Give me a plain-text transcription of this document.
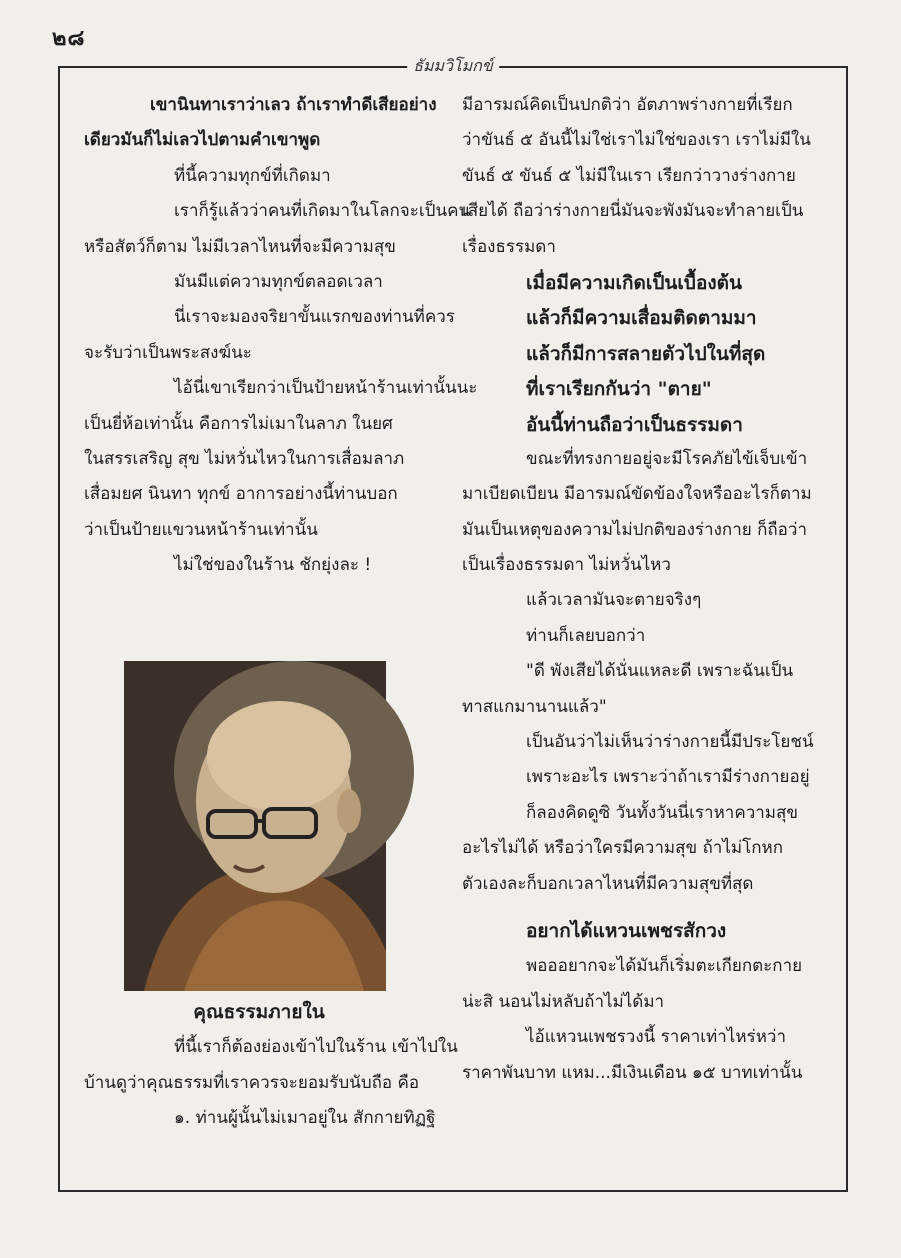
๒๘
ธัมมวิโมกข์
เขานินทาเราว่าเลว ถ้าเราทำดีเสียอย่าง
เดียวมันก็ไม่เลวไปตามคำเขาพูด
ที่นี้ความทุกข์ที่เกิดมา
เราก็รู้แล้วว่าคนที่เกิดมาในโลกจะเป็นคน
หรือสัตว์ก็ตาม ไม่มีเวลาไหนที่จะมีความสุข
มันมีแต่ความทุกข์ตลอดเวลา
นี่เราจะมองจริยาขั้นแรกของท่านที่ควร
จะรับว่าเป็นพระสงฆ์นะ
ไอ้นี่เขาเรียกว่าเป็นป้ายหน้าร้านเท่านั้นนะ
เป็นยี่ห้อเท่านั้น คือการไม่เมาในลาภ ในยศ
ในสรรเสริญ สุข ไม่หวั่นไหวในการเสื่อมลาภ
เสื่อมยศ นินทา ทุกข์ อาการอย่างนี้ท่านบอก
ว่าเป็นป้ายแขวนหน้าร้านเท่านั้น
ไม่ใช่ของในร้าน ชักยุ่งละ !
คุณธรรมภายใน
ที่นี้เราก็ต้องย่องเข้าไปในร้าน เข้าไปใน
บ้านดูว่าคุณธรรมที่เราควรจะยอมรับนับถือ คือ
๑. ท่านผู้นั้นไม่เมาอยู่ใน สักกายทิฏฐิ
มีอารมณ์คิดเป็นปกติว่า อัตภาพร่างกายที่เรียก
ว่าขันธ์ ๕ อันนี้ไม่ใช่เราไม่ใช่ของเรา เราไม่มีใน
ขันธ์ ๕ ขันธ์ ๕ ไม่มีในเรา เรียกว่าวางร่างกาย
เสียได้ ถือว่าร่างกายนี่มันจะพังมันจะทำลายเป็น
เรื่องธรรมดา
เมื่อมีความเกิดเป็นเบื้องต้น
แล้วก็มีความเสื่อมติดตามมา
แล้วก็มีการสลายตัวไปในที่สุด
ที่เราเรียกกันว่า "ตาย"
อันนี้ท่านถือว่าเป็นธรรมดา
ขณะที่ทรงกายอยู่จะมีโรคภัยไข้เจ็บเข้า
มาเบียดเบียน มีอารมณ์ขัดข้องใจหรืออะไรก็ตาม
มันเป็นเหตุของความไม่ปกติของร่างกาย ก็ถือว่า
เป็นเรื่องธรรมดา ไม่หวั่นไหว
แล้วเวลามันจะตายจริงๆ
ท่านก็เลยบอกว่า
"ดี พังเสียได้นั่นแหละดี เพราะฉันเป็น
ทาสแกมานานแล้ว"
เป็นอันว่าไม่เห็นว่าร่างกายนี้มีประโยชน์
เพราะอะไร เพราะว่าถ้าเรามีร่างกายอยู่
ก็ลองคิดดูซิ วันทั้งวันนี่เราหาความสุข
อะไรไม่ได้ หรือว่าใครมีความสุข ถ้าไม่โกหก
ตัวเองละก็บอกเวลาไหนที่มีความสุขที่สุด
อยากได้แหวนเพชรสักวง
พอออยากจะได้มันก็เริ่มตะเกียกตะกาย
น่ะสิ นอนไม่หลับถ้าไม่ได้มา
ไอ้แหวนเพชรวงนี้ ราคาเท่าไหร่หว่า
ราคาพันบาท แหม...มีเงินเดือน ๑๕ บาทเท่านั้น
